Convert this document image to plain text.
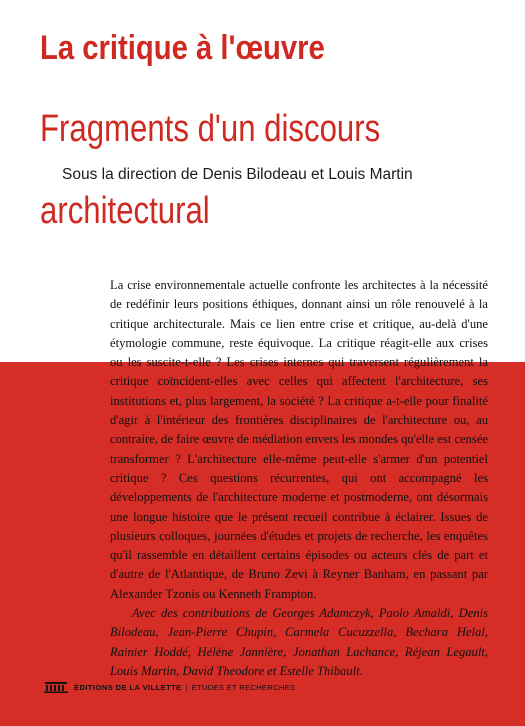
La critique à l'œuvre
Fragments d'un discours
Sous la direction de Denis Bilodeau et Louis Martin
architectural

La crise environnementale actuelle confronte les architectes à la nécessité de redéfinir leurs positions éthiques, donnant ainsi un rôle renouvelé à la critique architecturale. Mais ce lien entre crise et critique, au-delà d'une étymologie commune, reste équivoque. La critique réagit-elle aux crises ou les suscite-t-elle ? Les crises internes qui traversent régulièrement la critique coïncident-elles avec celles qui affectent l'architecture, ses institutions et, plus largement, la société ? La critique a-t-elle pour finalité d'agir à l'intérieur des frontières disciplinaires de l'architecture ou, au contraire, de faire œuvre de médiation envers les mondes qu'elle est censée transformer ? L'architecture elle-même peut-elle s'armer d'un potentiel critique ? Ces questions récurrentes, qui ont accompagné les développements de l'architecture moderne et postmoderne, ont désormais une longue histoire que le présent recueil contribue à éclairer. Issues de plusieurs colloques, journées d'études et projets de recherche, les enquêtes qu'il rassemble en détaillent certains épisodes ou acteurs clés de part et d'autre de l'Atlantique, de Bruno Zevi à Reyner Banham, en passant par Alexander Tzonis ou Kenneth Frampton.

Avec des contributions de Georges Adamczyk, Paolo Amaldi, Denis Bilodeau, Jean-Pierre Chupin, Carmela Cucuzzella, Bechara Helal, Rainier Hoddé, Hélène Jannière, Jonathan Lachance, Réjean Legault, Louis Martin, David Theodore et Estelle Thibault.

ÉDITIONS DE LA VILLETTE | ÉTUDES ET RECHERCHES
